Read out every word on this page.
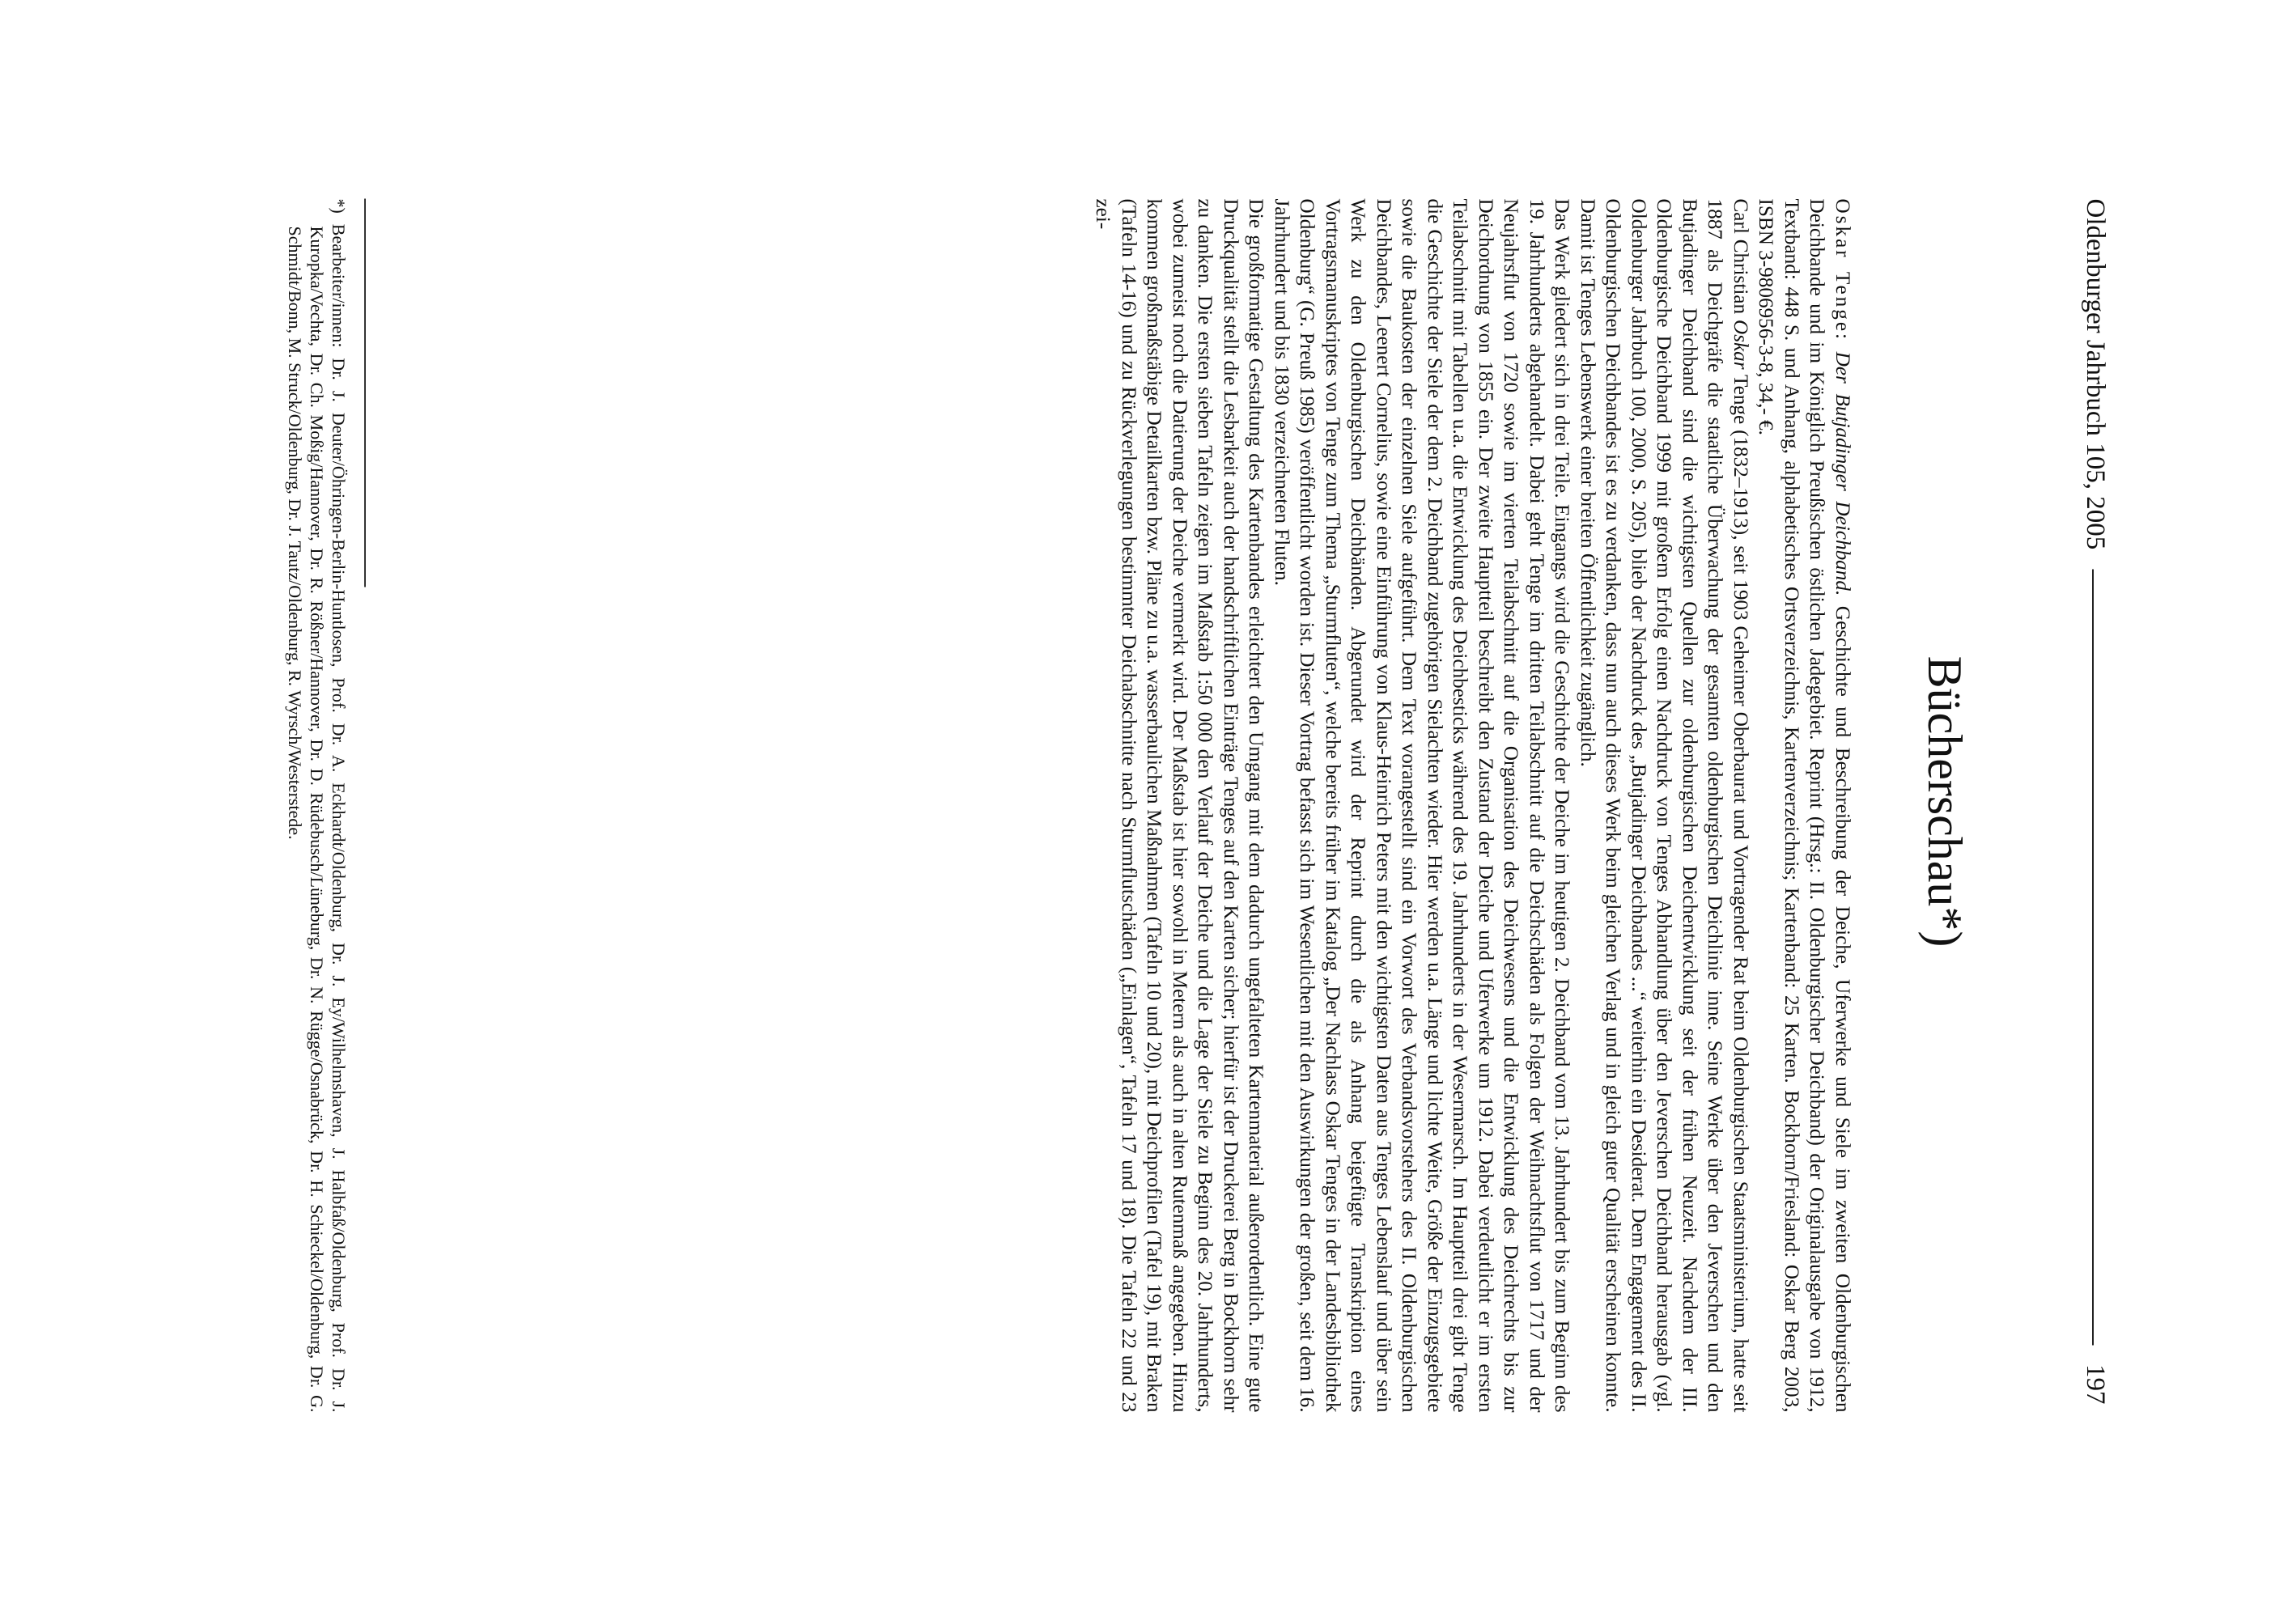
Oldenburger Jahrbuch 105, 2005
197
Bücherschau*)

Oskar Tenge: Der Butjadinger Deichband. Geschichte und Beschreibung der Deiche, Uferwerke und Siele im zweiten Oldenburgischen Deichbande und im Königlich Preußischen östlichen Jadegebiet. Reprint (Hrsg.: II. Oldenburgischer Deichband) der Originalausgabe von 1912, Textband: 448 S. und Anhang, alphabetisches Ortsverzeichnis, Kartenverzeichnis; Kartenband: 25 Karten. Bockhorn/Friesland: Oskar Berg 2003, ISBN 3-9806956-3-8, 34,- €.

Carl Christian Oskar Tenge (1832–1913), seit 1903 Geheimer Oberbaurat und Vortragender Rat beim Oldenburgischen Staatsministerium, hatte seit 1887 als Deichgräfe die staatliche Überwachung der gesamten oldenburgischen Deichlinie inne. Seine Werke über den Jeverschen und den Butjadinger Deichband sind die wichtigsten Quellen zur oldenburgischen Deichentwicklung seit der frühen Neuzeit. Nachdem der III. Oldenburgische Deichband 1999 mit großem Erfolg einen Nachdruck von Tenges Abhandlung über den Jeverschen Deichband herausgab (vgl. Oldenburger Jahrbuch 100, 2000, S. 205), blieb der Nachdruck des „Butjadinger Deichbandes ...“ weiterhin ein Desiderat. Dem Engagement des II. Oldenburgischen Deichbandes ist es zu verdanken, dass nun auch dieses Werk beim gleichen Verlag und in gleich guter Qualität erscheinen konnte. Damit ist Tenges Lebenswerk einer breiten Öffentlichkeit zugänglich.

Das Werk gliedert sich in drei Teile. Eingangs wird die Geschichte der Deiche im heutigen 2. Deichband vom 13. Jahrhundert bis zum Beginn des 19. Jahrhunderts abgehandelt. Dabei geht Tenge im dritten Teilabschnitt auf die Deichschäden als Folgen der Weihnachtsflut von 1717 und der Neujahrsflut von 1720 sowie im vierten Teilabschnitt auf die Organisation des Deichwesens und die Entwicklung des Deichrechts bis zur Deichordnung von 1855 ein. Der zweite Hauptteil beschreibt den Zustand der Deiche und Uferwerke um 1912. Dabei verdeutlicht er im ersten Teilabschnitt mit Tabellen u.a. die Entwicklung des Deichbesticks während des 19. Jahrhunderts in der Wesermarsch. Im Hauptteil drei gibt Tenge die Geschichte der Siele der dem 2. Deichband zugehörigen Sielachten wieder. Hier werden u.a. Länge und lichte Weite, Größe der Einzugsgebiete sowie die Baukosten der einzelnen Siele aufgeführt. Dem Text vorangestellt sind ein Vorwort des Verbandsvorstehers des II. Oldenburgischen Deichbandes, Leenert Cornelius, sowie eine Einführung von Klaus-Heinrich Peters mit den wichtigsten Daten aus Tenges Lebenslauf und über sein Werk zu den Oldenburgischen Deichbänden. Abgerundet wird der Reprint durch die als Anhang beigefügte Transkription eines Vortragsmanuskriptes von Tenge zum Thema „Sturmfluten“, welche bereits früher im Katalog „Der Nachlass Oskar Tenges in der Landesbibliothek Oldenburg“ (G. Preuß 1985) veröffentlicht worden ist. Dieser Vortrag befasst sich im Wesentlichen mit den Auswirkungen der großen, seit dem 16. Jahrhundert und bis 1830 verzeichneten Fluten.

Die großformatige Gestaltung des Kartenbandes erleichtert den Umgang mit dem dadurch ungefalteten Kartenmaterial außerordentlich. Eine gute Druckqualität stellt die Lesbarkeit auch der handschriftlichen Einträge Tenges auf den Karten sicher; hierfür ist der Druckerei Berg in Bockhorn sehr zu danken. Die ersten sieben Tafeln zeigen im Maßstab 1:50 000 den Verlauf der Deiche und die Lage der Siele zu Beginn des 20. Jahrhunderts, wobei zumeist noch die Datierung der Deiche vermerkt wird. Der Maßstab ist hier sowohl in Metern als auch in alten Rutenmaß angegeben. Hinzu kommen großmaßstäbige Detailkarten bzw. Pläne zu u.a. wasserbaulichen Maßnahmen (Tafeln 10 und 20), mit Deichprofilen (Tafel 19), mit Braken (Tafeln 14-16) und zu Rückverlegungen bestimmter Deichabschnitte nach Sturmflutschäden („Einlagen“, Tafeln 17 und 18). Die Tafeln 22 und 23 zei-

*) Bearbeiter/innen: Dr. J. Deuter/Öhringen-Berlin-Huntlosen, Prof. Dr. A. Eckhardt/Oldenburg, Dr. J. Ey/Wilhelmshaven, J. Halbfaß/Oldenburg, Prof. Dr. J. Kuropka/Vechta, Dr. Ch. Moßig/Hannover, Dr. R. Rößner/Hannover, Dr. D. Rüdebusch/Lüneburg, Dr. N. Rügge/Osnabrück, Dr. H. Schieckel/Oldenburg, Dr. G. Schmidt/Bonn, M. Struck/Oldenburg, Dr. J. Tautz/Oldenburg, R. Wyrsch/Westerstede.
